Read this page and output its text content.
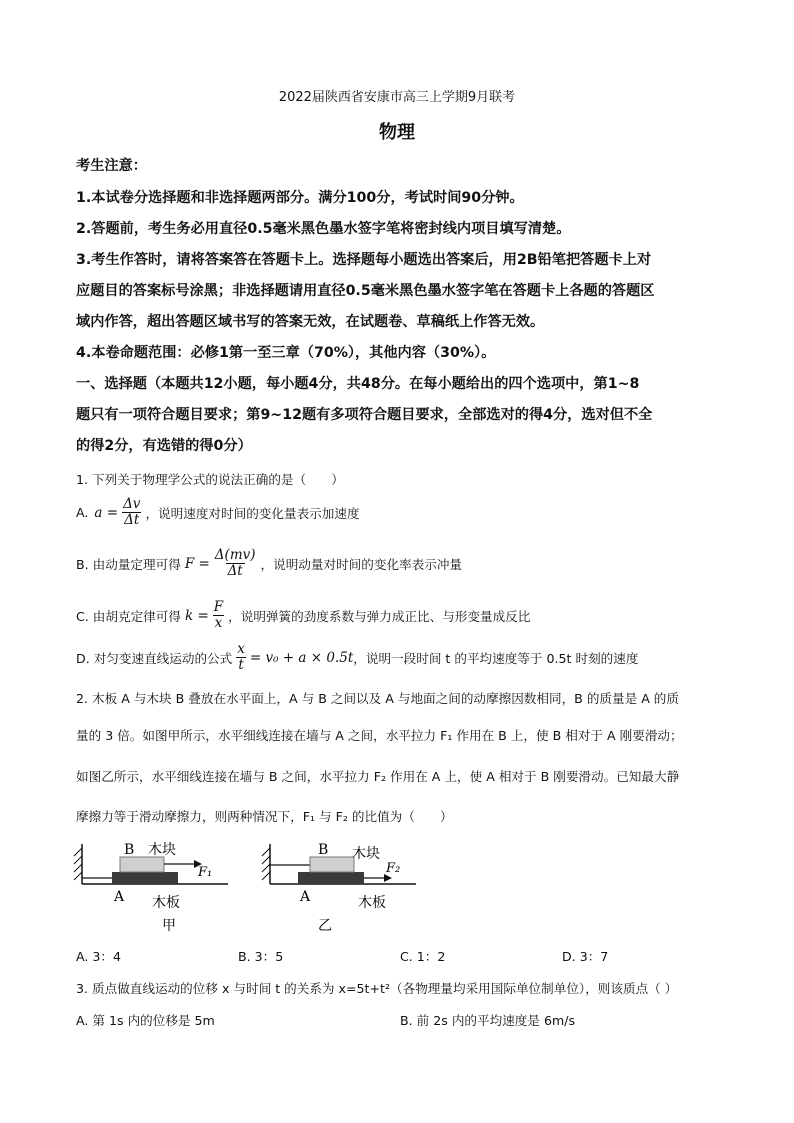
2022届陕西省安康市高三上学期9月联考
物理
考生注意：
1.本试卷分选择题和非选择题两部分。满分100分，考试时间90分钟。
2.答题前，考生务必用直径0.5毫米黑色墨水签字笔将密封线内项目填写清楚。
3.考生作答时，请将答案答在答题卡上。选择题每小题选出答案后，用2B铅笔把答题卡上对
应题目的答案标号涂黑；非选择题请用直径0.5毫米黑色墨水签字笔在答题卡上各题的答题区
域内作答，超出答题区域书写的答案无效，在试题卷、草稿纸上作答无效。
4.本卷命题范围：必修1第一至三章（70%），其他内容（30%）。
一、选择题（本题共12小题，每小题4分，共48分。在每小题给出的四个选项中，第1~8
题只有一项符合题目要求；第9~12题有多项符合题目要求，全部选对的得4分，选对但不全
的得2分，有选错的得0分）
1. 下列关于物理学公式的说法正确的是（　　）
A. $a = \frac{\Delta v}{\Delta t}$ ，说明速度对时间的变化量表示加速度
B. 由动量定理可得 $F = \frac{\Delta(mv)}{\Delta t}$ ，说明动量对时间的变化率表示冲量
C. 由胡克定律可得 $k = \frac{F}{x}$ ，说明弹簧的劲度系数与弹力成正比、与形变量成反比
D. 对匀变速直线运动的公式 $\frac{x}{t} = v_0 + a \times 0.5t$ ，说明一段时间 t 的平均速度等于 0.5t 时刻的速度
2. 木板 A 与木块 B 叠放在水平面上，A 与 B 之间以及 A 与地面之间的动摩擦因数相同，B 的质量是 A 的质
量的 3 倍。如图甲所示，水平细线连接在墙与 A 之间，水平拉力 F₁ 作用在 B 上，使 B 相对于 A 刚要滑动；
如图乙所示，水平细线连接在墙与 B 之间，水平拉力 F₂ 作用在 A 上，使 A 相对于 B 刚要滑动。已知最大静
摩擦力等于滑动摩擦力，则两种情况下，F₁ 与 F₂ 的比值为（　　）
B 木块
F₁
A 木板
甲
B 木块
F₂
A	木板
乙
A. 3：4	B. 3：5	C. 1：2	D. 3：7
3. 质点做直线运动的位移 x 与时间 t 的关系为 x=5t+t²（各物理量均采用国际单位制单位），则该质点（ ）
A. 第 1s 内的位移是 5m	B. 前 2s 内的平均速度是 6m/s
